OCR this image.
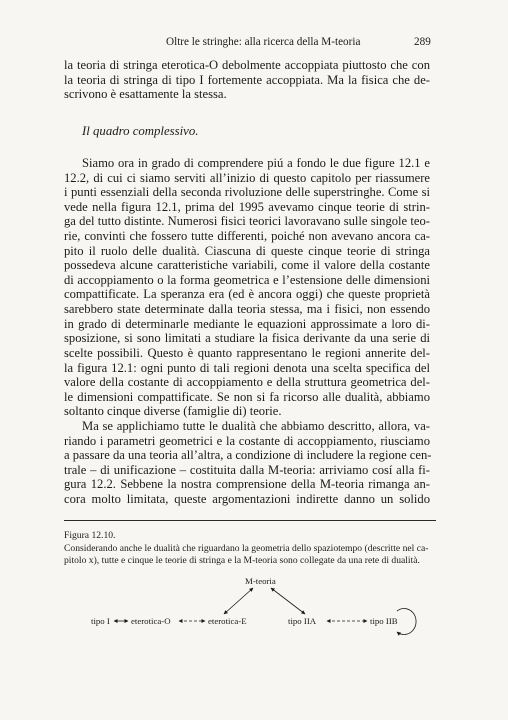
Oltre le stringhe: alla ricerca della M-teoria	289
la teoria di stringa eterotica-O debolmente accoppiata piuttosto che con
la teoria di stringa di tipo I fortemente accoppiata. Ma la fisica che de-
scrivono è esattamente la stessa.
Il quadro complessivo.
Siamo ora in grado di comprendere piú a fondo le due figure 12.1 e
12.2, di cui ci siamo serviti all’inizio di questo capitolo per riassumere
i punti essenziali della seconda rivoluzione delle superstringhe. Come si
vede nella figura 12.1, prima del 1995 avevamo cinque teorie di strin-
ga del tutto distinte. Numerosi fisici teorici lavoravano sulle singole teo-
rie, convinti che fossero tutte differenti, poiché non avevano ancora ca-
pito il ruolo delle dualità. Ciascuna di queste cinque teorie di stringa
possedeva alcune caratteristiche variabili, come il valore della costante
di accoppiamento o la forma geometrica e l’estensione delle dimensioni
compattificate. La speranza era (ed è ancora oggi) che queste proprietà
sarebbero state determinate dalla teoria stessa, ma i fisici, non essendo
in grado di determinarle mediante le equazioni approssimate a loro di-
sposizione, si sono limitati a studiare la fisica derivante da una serie di
scelte possibili. Questo è quanto rappresentano le regioni annerite del-
la figura 12.1: ogni punto di tali regioni denota una scelta specifica del
valore della costante di accoppiamento e della struttura geometrica del-
le dimensioni compattificate. Se non si fa ricorso alle dualità, abbiamo
soltanto cinque diverse (famiglie di) teorie.
Ma se applichiamo tutte le dualità che abbiamo descritto, allora, va-
riando i parametri geometrici e la costante di accoppiamento, riusciamo
a passare da una teoria all’altra, a condizione di includere la regione cen-
trale – di unificazione – costituita dalla M-teoria: arriviamo cosí alla fi-
gura 12.2. Sebbene la nostra comprensione della M-teoria rimanga an-
cora molto limitata, queste argomentazioni indirette danno un solido
Figura 12.10.
Considerando anche le dualità che riguardano la geometria dello spaziotempo (descritte nel ca-
pitolo x), tutte e cinque le teorie di stringa e la M-teoria sono collegate da una rete di dualità.
M-teoria
tipo I eterotica-O	eterotica-E	tipo IIA	tipo IIB
